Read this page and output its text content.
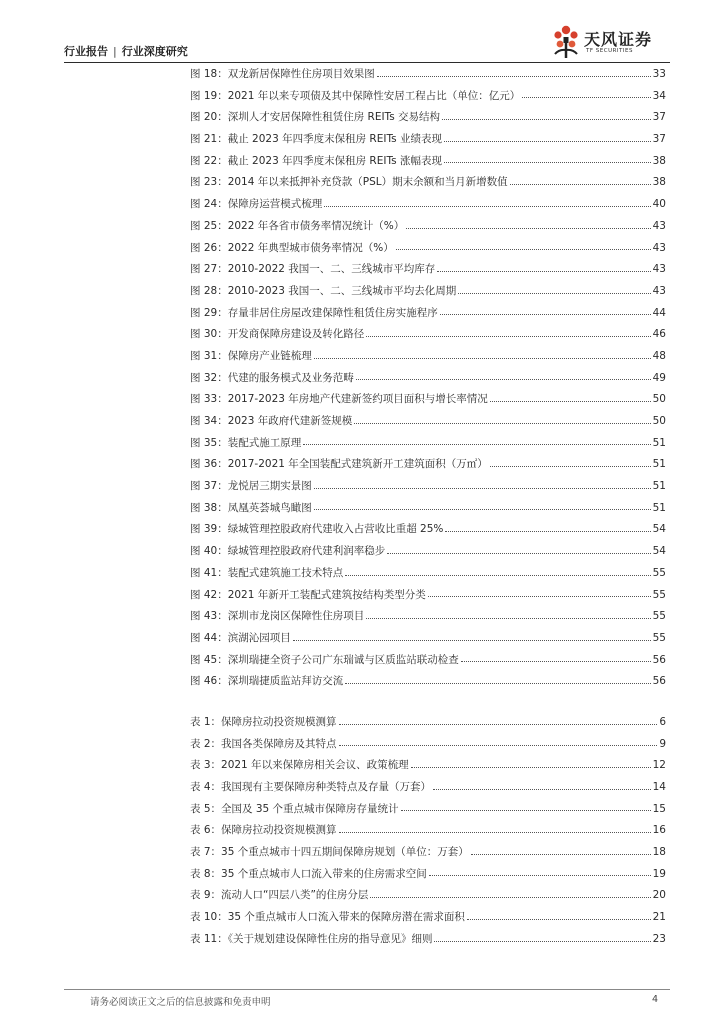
行业报告 | 行业深度研究
天风证券
TF SECURITIES
图 18：双龙新居保障性住房项目效果图	33
图 19：2021 年以来专项债及其中保障性安居工程占比（单位：亿元）	34
图 20：深圳人才安居保障性租赁住房 REITs 交易结构	37
图 21：截止 2023 年四季度末保租房 REITs 业绩表现	37
图 22：截止 2023 年四季度末保租房 REITs 涨幅表现	38
图 23：2014 年以来抵押补充贷款（PSL）期末余额和当月新增数值	38
图 24：保障房运营模式梳理	40
图 25：2022 年各省市债务率情况统计（%）	43
图 26：2022 年典型城市债务率情况（%）	43
图 27：2010-2022 我国一、二、三线城市平均库存	43
图 28：2010-2023 我国一、二、三线城市平均去化周期	43
图 29：存量非居住房屋改建保障性租赁住房实施程序	44
图 30：开发商保障房建设及转化路径	46
图 31：保障房产业链梳理	48
图 32：代建的服务模式及业务范畴	49
图 33：2017-2023 年房地产代建新签约项目面积与增长率情况	50
图 34：2023 年政府代建新签规模	50
图 35：装配式施工原理	51
图 36：2017-2021 年全国装配式建筑新开工建筑面积（万㎡）	51
图 37：龙悦居三期实景图	51
图 38：凤凰英荟城鸟瞰图	51
图 39：绿城管理控股政府代建收入占营收比重超 25%	54
图 40：绿城管理控股政府代建利润率稳步	54
图 41：装配式建筑施工技术特点	55
图 42：2021 年新开工装配式建筑按结构类型分类	55
图 43：深圳市龙岗区保障性住房项目	55
图 44：滨湖沁园项目	55
图 45：深圳瑞捷全资子公司广东瑞诚与区质监站联动检查	56
图 46：深圳瑞捷质监站拜访交流	56
表 1：保障房拉动投资规模测算	6
表 2：我国各类保障房及其特点	9
表 3：2021 年以来保障房相关会议、政策梳理	12
表 4：我国现有主要保障房种类特点及存量（万套）	14
表 5：全国及 35 个重点城市保障房存量统计	15
表 6：保障房拉动投资规模测算	16
表 7：35 个重点城市十四五期间保障房规划（单位：万套）	18
表 8：35 个重点城市人口流入带来的住房需求空间	19
表 9：流动人口“四层八类”的住房分层	20
表 10：35 个重点城市人口流入带来的保障房潜在需求面积	21
表 11：《关于规划建设保障性住房的指导意见》细则	23
请务必阅读正文之后的信息披露和免责申明	4
